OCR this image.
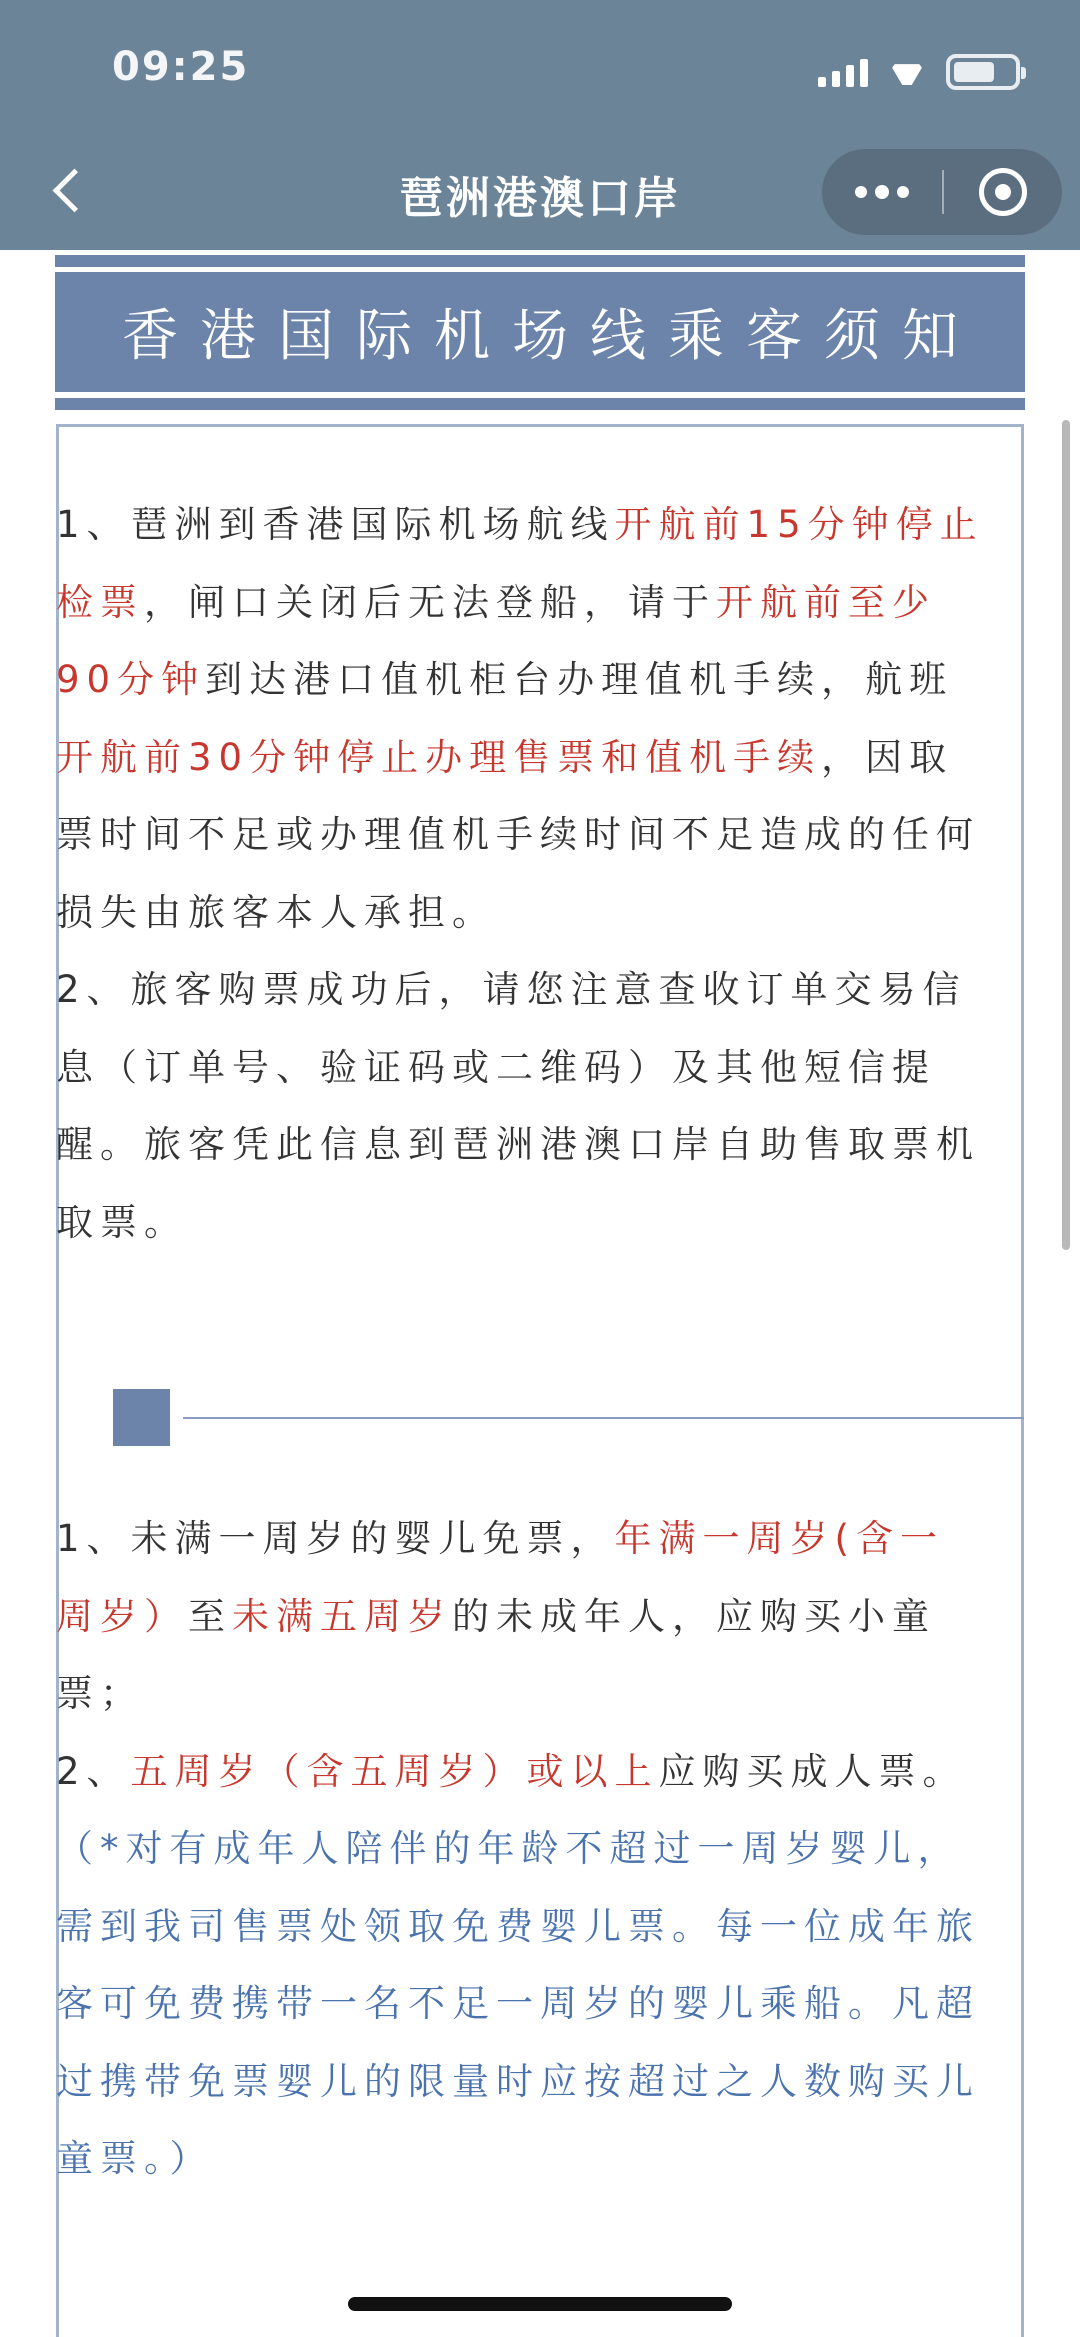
09:25
琶洲港澳口岸
香港国际机场线乘客须知
1、琶洲到香港国际机场航线开航前15分钟停止检票，闸口关闭后无法登船，请于开航前至少90分钟到达港口值机柜台办理值机手续，航班开航前30分钟停止办理售票和值机手续，因取票时间不足或办理值机手续时间不足造成的任何损失由旅客本人承担。
2、旅客购票成功后，请您注意查收订单交易信息（订单号、验证码或二维码）及其他短信提醒。旅客凭此信息到琶洲港澳口岸自助售取票机取票。
1、未满一周岁的婴儿免票，年满一周岁(含一周岁）至未满五周岁的未成年人，应购买小童票；
2、五周岁（含五周岁）或以上应购买成人票。
（*对有成年人陪伴的年龄不超过一周岁婴儿，需到我司售票处领取免费婴儿票。每一位成年旅客可免费携带一名不足一周岁的婴儿乘船。凡超过携带免票婴儿的限量时应按超过之人数购买儿童票。）
